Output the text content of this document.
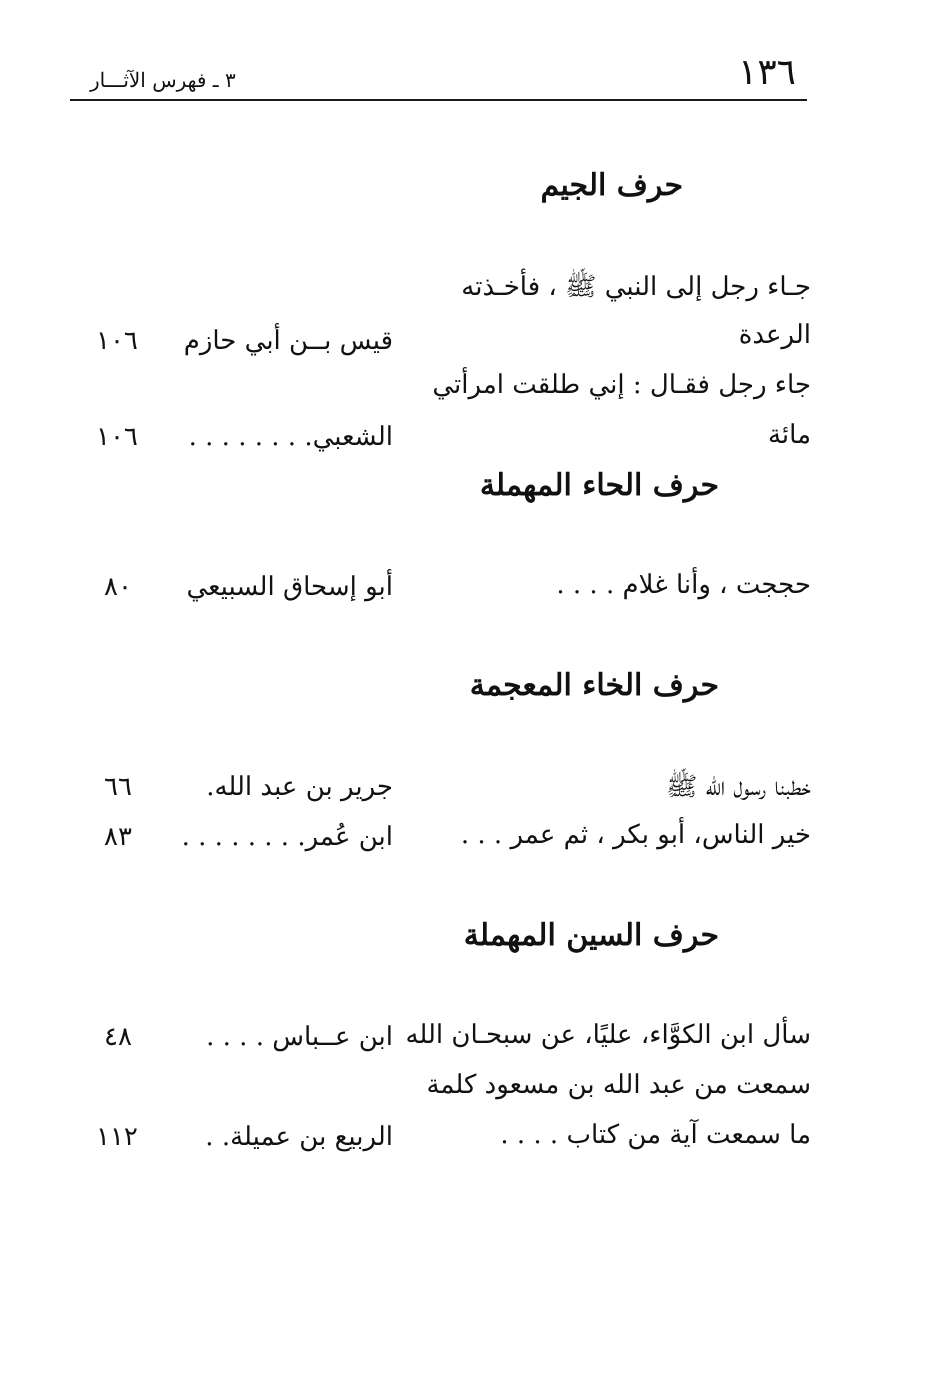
١٣٦
٣ ـ فهرس الآثـــار
حرف الجيم
جـاء رجل إلى النبي ﷺ ، فأخـذته
الرعدة
قيس بــن أبي حازم
١٠٦
جاء رجل فقـال : إني طلقت امرأتي
مائة
الشعبي. . . . . . . .
١٠٦
حرف الحاء المهملة
حججت ، وأنا غلام . . . .
أبو إسحاق السبيعي
٨٠
حرف الخاء المعجمة
خطبنا رسول الله ﷺ
جرير بن عبد الله.
٦٦
خير الناس، أبو بكر ، ثم عمر . . .
ابن عُمر. . . . . . . .
٨٣
حرف السين المهملة
سأل ابن الكوَّاء، عليًا، عن سبحـان الله
ابن عــباس . . . .
٤٨
سمعت من عبد الله بن مسعود كلمة
ما سمعت آية من كتاب . . . .
الربيع بن عميلة. .
١١٢
